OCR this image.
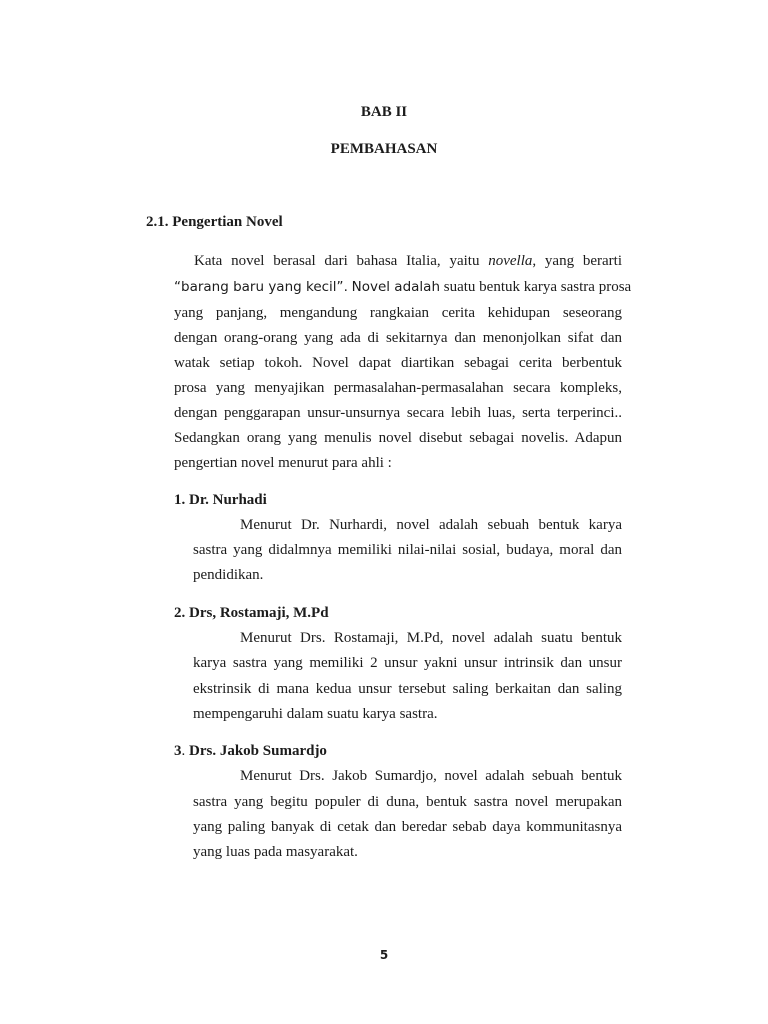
BAB II
PEMBAHASAN
2.1. Pengertian Novel
Kata novel berasal dari bahasa Italia, yaitu novella, yang berarti
“barang baru yang kecil”. Novel adalah suatu bentuk karya sastra prosa
yang panjang, mengandung rangkaian cerita kehidupan seseorang
dengan orang-orang yang ada di sekitarnya dan menonjolkan sifat dan
watak setiap tokoh. Novel dapat diartikan sebagai cerita berbentuk
prosa yang menyajikan permasalahan-permasalahan secara kompleks,
dengan penggarapan unsur-unsurnya secara lebih luas, serta terperinci..
Sedangkan orang yang menulis novel disebut sebagai novelis. Adapun
pengertian novel menurut para ahli :
1. Dr. Nurhadi
Menurut Dr. Nurhardi, novel adalah sebuah bentuk karya
sastra yang didalmnya memiliki nilai-nilai sosial, budaya, moral dan
pendidikan.
2. Drs, Rostamaji, M.Pd
Menurut Drs. Rostamaji, M.Pd, novel adalah suatu bentuk
karya sastra yang memiliki 2 unsur yakni unsur intrinsik dan unsur
ekstrinsik di mana kedua unsur tersebut saling berkaitan dan saling
mempengaruhi dalam suatu karya sastra.
3. Drs. Jakob Sumardjo
Menurut Drs. Jakob Sumardjo, novel adalah sebuah bentuk
sastra yang begitu populer di duna, bentuk sastra novel merupakan
yang paling banyak di cetak dan beredar sebab daya kommunitasnya
yang luas pada masyarakat.
5
